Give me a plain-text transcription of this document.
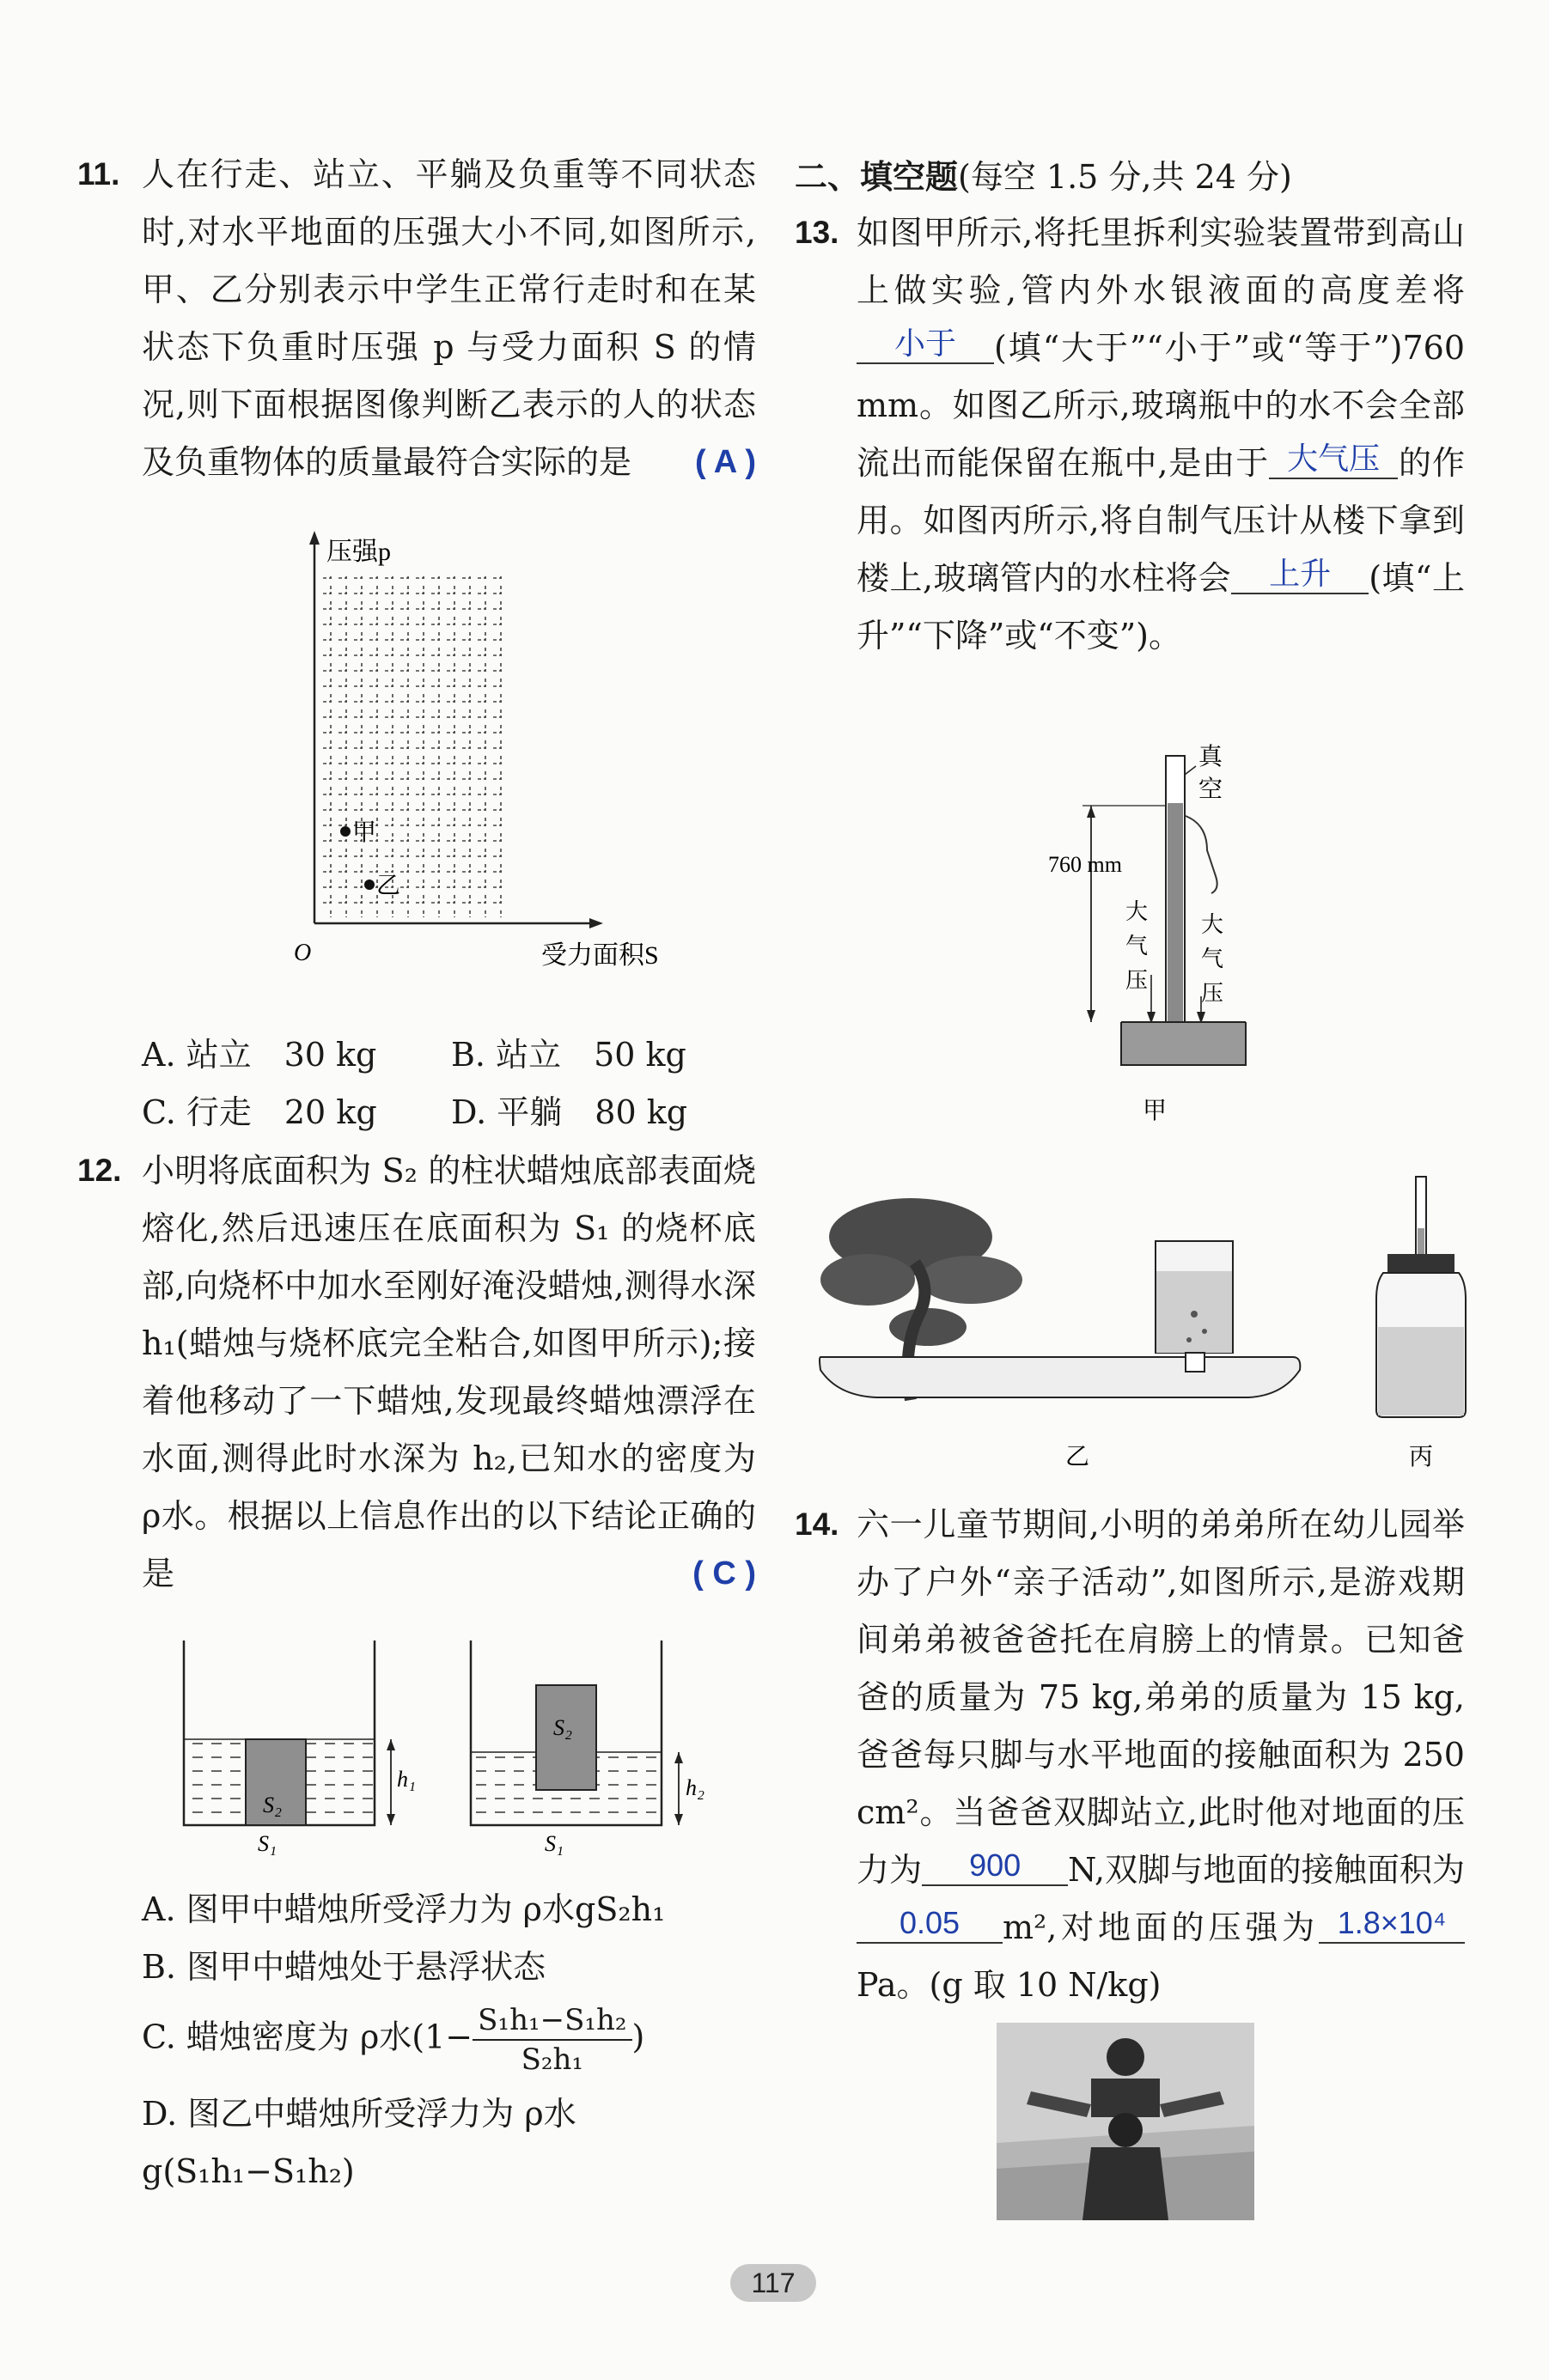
11. 人在行走、站立、平躺及负重等不同状态时,对水平地面的压强大小不同,如图所示,甲、乙分别表示中学生正常行走时和在某状态下负重时压强 p 与受力面积 S 的情况,则下面根据图像判断乙表示的人的状态及负重物体的质量最符合实际的是 ( A )
压强p
受力面积S
O
甲
乙
A. 站立　30 kg	B. 站立　50 kg
C. 行走　20 kg	D. 平躺　80 kg
12. 小明将底面积为 S₂ 的柱状蜡烛底部表面烧熔化,然后迅速压在底面积为 S₁ 的烧杯底部,向烧杯中加水至刚好淹没蜡烛,测得水深 h₁(蜡烛与烧杯底完全粘合,如图甲所示);接着他移动了一下蜡烛,发现最终蜡烛漂浮在水面,测得此时水深为 h₂,已知水的密度为 ρ水。根据以上信息作出的以下结论正确的是	( C )
S₂
S₁
h₁
S₂
S₁
h₂
A. 图甲中蜡烛所受浮力为 ρ水gS₂h₁
B. 图甲中蜡烛处于悬浮状态
C. 蜡烛密度为 ρ水($1- \frac{\text{S₁h₁−S₁h₂}}{\text{S₂h₁}}$ )
D. 图乙中蜡烛所受浮力为 ρ水g(S₁h₁−S₁h₂)
二、填空题(每空 1.5 分,共 24 分)
13. 如图甲所示,将托里拆利实验装置带到高山上做实验,管内外水银液面的高度差将小于 (填“大于”“小于”或“等于”)760 mm。如图乙所示,玻璃瓶中的水不会全部流出而能保留在瓶中,是由于 大气压 的作用。如图丙所示,将自制气压计从楼下拿到楼上,玻璃管内的水柱将会 上升 (填“上升”“下降”或“不变”)。
真
空
760 mm
大
气
压
大
气
压
甲
乙	丙
14. 六一儿童节期间,小明的弟弟所在幼儿园举办了户外“亲子活动”,如图所示,是游戏期间弟弟被爸爸托在肩膀上的情景。已知爸爸的质量为 75 kg,弟弟的质量为 15 kg,爸爸每只脚与水平地面的接触面积为 250 cm²。当爸爸双脚站立,此时他对地面的压力为 900 N,双脚与地面的接触面积为0.05 m²,对地面的压强为 1.8×10⁴Pa。(g 取 10 N/kg)
117
